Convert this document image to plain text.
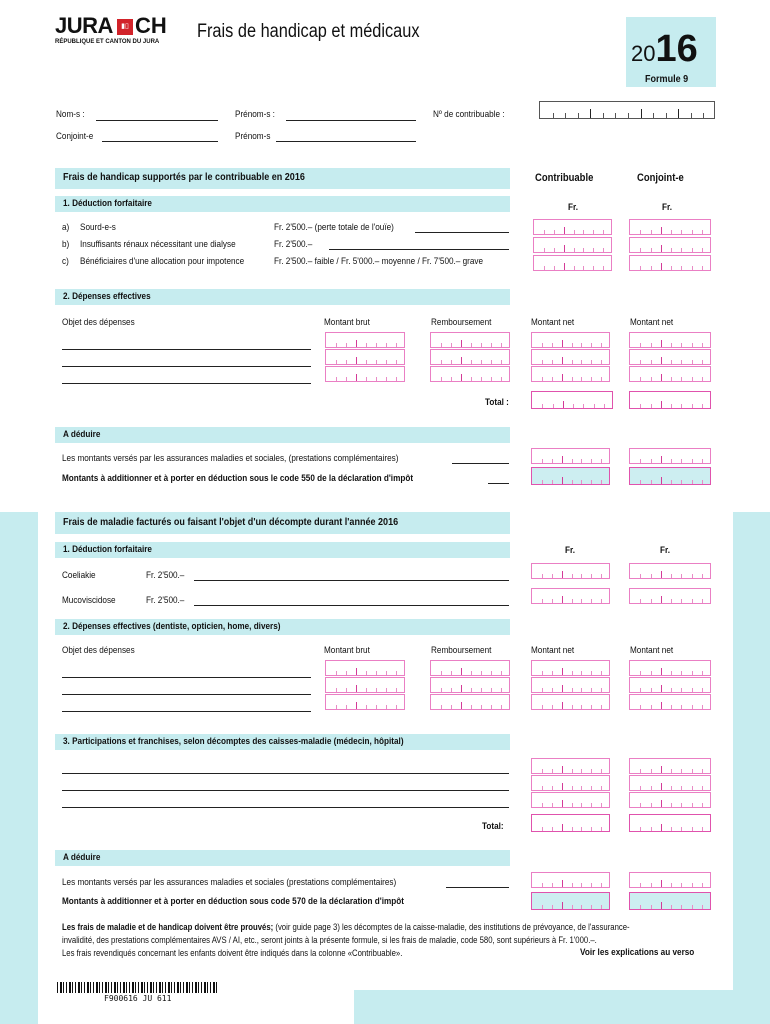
JURA	▮▯ CH
RÉPUBLIQUE ET CANTON DU JURA Frais de handicap et médicaux
2016
Formule 9
Nom-s :	Prénom-s :	Nº de contribuable :
Conjoint-e	Prénom-s
Frais de handicap supportés par le contribuable en 2016	Contribuable	Conjoint-e
1. Déduction forfaitaire	Fr.	Fr.
a) Sourd-e-s	Fr. 2'500.– (perte totale de l'ouïe)
b) Insuffisants rénaux nécessitant une dialyse	Fr. 2'500.–
c) Bénéficiaires d'une allocation pour impotence	Fr. 2'500.– faible / Fr. 5'000.– moyenne / Fr. 7'500.– grave
2. Dépenses effectives
Objet des dépenses	Montant brut	Remboursement	Montant net	Montant net
Total :
A déduire
Les montants versés par les assurances maladies et sociales, (prestations complémentaires)
Montants à additionner et à porter en déduction sous le code 550 de la déclaration d'impôt
Frais de maladie facturés ou faisant l'objet d'un décompte durant l'année 2016
1. Déduction forfaitaire	Fr.	Fr.
Coeliakie	Fr. 2'500.–
Mucoviscidose	Fr. 2'500.–
2. Dépenses effectives (dentiste, opticien, home, divers)
Objet des dépenses	Montant brut	Remboursement	Montant net	Montant net
3. Participations et franchises, selon décomptes des caisses-maladie (médecin, hôpital)
Total:
A déduire
Les montants versés par les assurances maladies et sociales (prestations complémentaires)
Montants à additionner et à porter en déduction sous code 570 de la déclaration d'impôt
Les frais de maladie et de handicap doivent être prouvés; (voir guide page 3) les décomptes de la caisse-maladie, des institutions de prévoyance, de l'assurance-
invalidité, des prestations complémentaires AVS / AI, etc., seront joints à la présente formule, si les frais de maladie, code 580, sont supérieurs à Fr. 1'000.–.
Les frais revendiqués concernant les enfants doivent être indiqués dans la colonne «Contribuable».	Voir les explications au verso
F900616 JU 611
